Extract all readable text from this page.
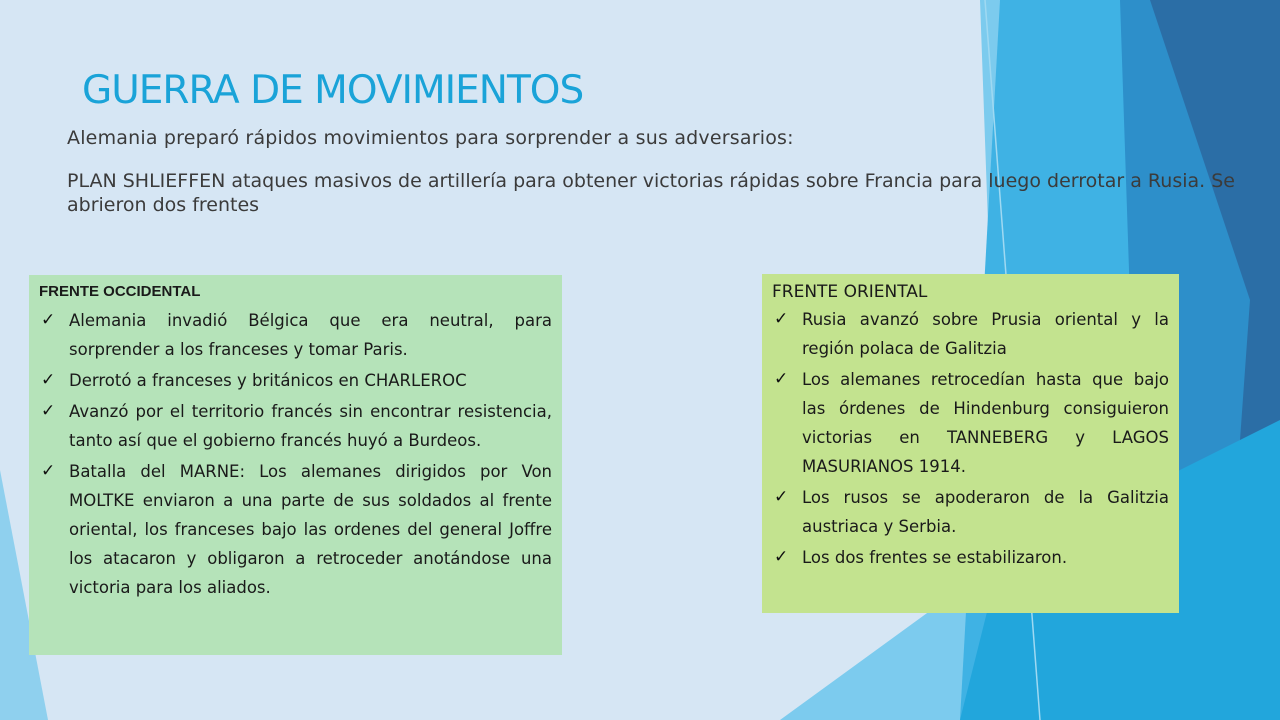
GUERRA DE MOVIMIENTOS

Alemania preparó rápidos movimientos para sorprender a sus adversarios:

PLAN SHLIEFFEN ataques masivos de artillería para obtener victorias rápidas sobre Francia para luego derrotar a Rusia. Se abrieron dos frentes

FRENTE OCCIDENTAL

✓ Alemania invadió Bélgica que era neutral, para sorprender a los franceses y tomar Paris.
✓ Derrotó a franceses y británicos en CHARLEROC
✓ Avanzó por el territorio francés sin encontrar resistencia, tanto así que el gobierno francés huyó a Burdeos.
✓ Batalla del MARNE: Los alemanes dirigidos por Von MOLTKE enviaron a una parte de sus soldados al frente oriental, los franceses bajo las ordenes del general Joffre los atacaron y obligaron a retroceder anotándose una victoria para los aliados.

FRENTE ORIENTAL

✓ Rusia avanzó sobre Prusia oriental y la región polaca de Galitzia
✓ Los alemanes retrocedían hasta que bajo las órdenes de Hindenburg consiguieron victorias en TANNEBERG y LAGOS MASURIANOS 1914.
✓ Los rusos se apoderaron de la Galitzia austriaca y Serbia.
✓ Los dos frentes se estabilizaron.
